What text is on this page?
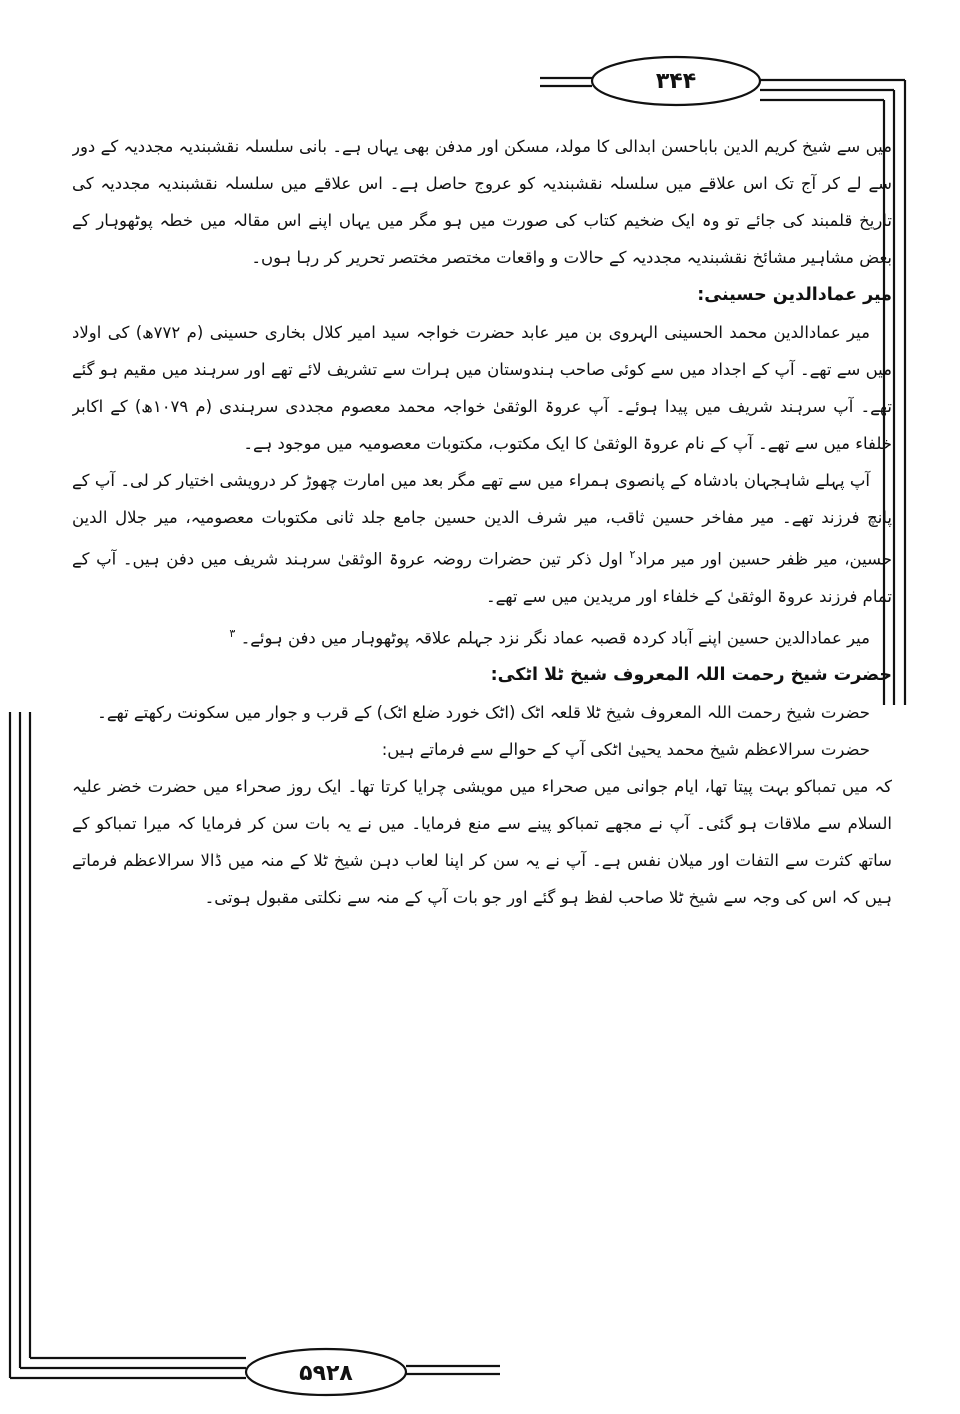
۳۴۴
۵۹۲۸

میں سے شیخ کریم الدین باباحسن ابدالی کا مولد، مسکن اور مدفن بھی یہاں ہے۔ بانی سلسلہ نقشبندیہ مجددیہ کے دور سے لے کر آج تک اس علاقے میں سلسلہ نقشبندیہ کو عروج حاصل ہے۔ اس علاقے میں سلسلہ نقشبندیہ مجددیہ کی تاریخ قلمبند کی جائے تو وہ ایک ضخیم کتاب کی صورت میں ہو مگر میں یہاں اپنے اس مقالہ میں خطہ پوٹھوہار کے بعض مشاہیر مشائخ نقشبندیہ مجددیہ کے حالات و واقعات مختصر مختصر تحریر کر رہا ہوں۔

میر عمادالدین حسینی:

میر عمادالدین محمد الحسینی الہروی بن میر عابد حضرت خواجہ سید امیر کلال بخاری حسینی (م ۷۷۲ھ) کی اولاد میں سے تھے۔ آپ کے اجداد میں سے کوئی صاحب ہندوستان میں ہرات سے تشریف لائے تھے اور سرہند میں مقیم ہو گئے تھے۔ آپ سرہند شریف میں پیدا ہوئے۔ آپ عروۃ الوثقیٰ خواجہ محمد معصوم مجددی سرہندی (م ۱۰۷۹ھ) کے اکابر خلفاء میں سے تھے۔ آپ کے نام عروۃ الوثقیٰ کا ایک مکتوب، مکتوبات معصومیہ میں موجود ہے۔

آپ پہلے شاہجہان بادشاہ کے پانصوی ہمراء میں سے تھے مگر بعد میں امارت چھوڑ کر درویشی اختیار کر لی۔ آپ کے پانچ فرزند تھے۔ میر مفاخر حسین ثاقب، میر شرف الدین حسین جامع جلد ثانی مکتوبات معصومیہ، میر جلال الدین حسین، میر ظفر حسین اور میر مراد$^۲$ اول ذکر تین حضرات روضہ عروۃ الوثقیٰ سرہند شریف میں دفن ہیں۔ آپ کے تمام فرزند عروۃ الوثقیٰ کے خلفاء اور مریدین میں سے تھے۔

میر عمادالدین حسین اپنے آباد کردہ قصبہ عماد نگر نزد جہلم علاقہ پوٹھوہار میں دفن ہوئے۔ $^۳$

حضرت شیخ رحمت اللہ المعروف شیخ ٹلا اٹکی:

حضرت شیخ رحمت اللہ المعروف شیخ ٹلا قلعہ اٹک (اٹک خورد ضلع اٹک) کے قرب و جوار میں سکونت رکھتے تھے۔

حضرت سرالاعظم شیخ محمد یحییٰ اٹکی آپ کے حوالے سے فرماتے ہیں:

کہ میں تمباکو بہت پیتا تھا، ایام جوانی میں صحراء میں مویشی چرایا کرتا تھا۔ ایک روز صحراء میں حضرت خضر علیہ السلام سے ملاقات ہو گئی۔ آپ نے مجھے تمباکو پینے سے منع فرمایا۔ میں نے یہ بات سن کر فرمایا کہ میرا تمباکو کے ساتھ کثرت سے التفات اور میلان نفس ہے۔ آپ نے یہ سن کر اپنا لعاب دہن شیخ ٹلا کے منہ میں ڈالا سرالاعظم فرماتے ہیں کہ اس کی وجہ سے شیخ ٹلا صاحب لفظ ہو گئے اور جو بات آپ کے منہ سے نکلتی مقبول ہوتی۔
